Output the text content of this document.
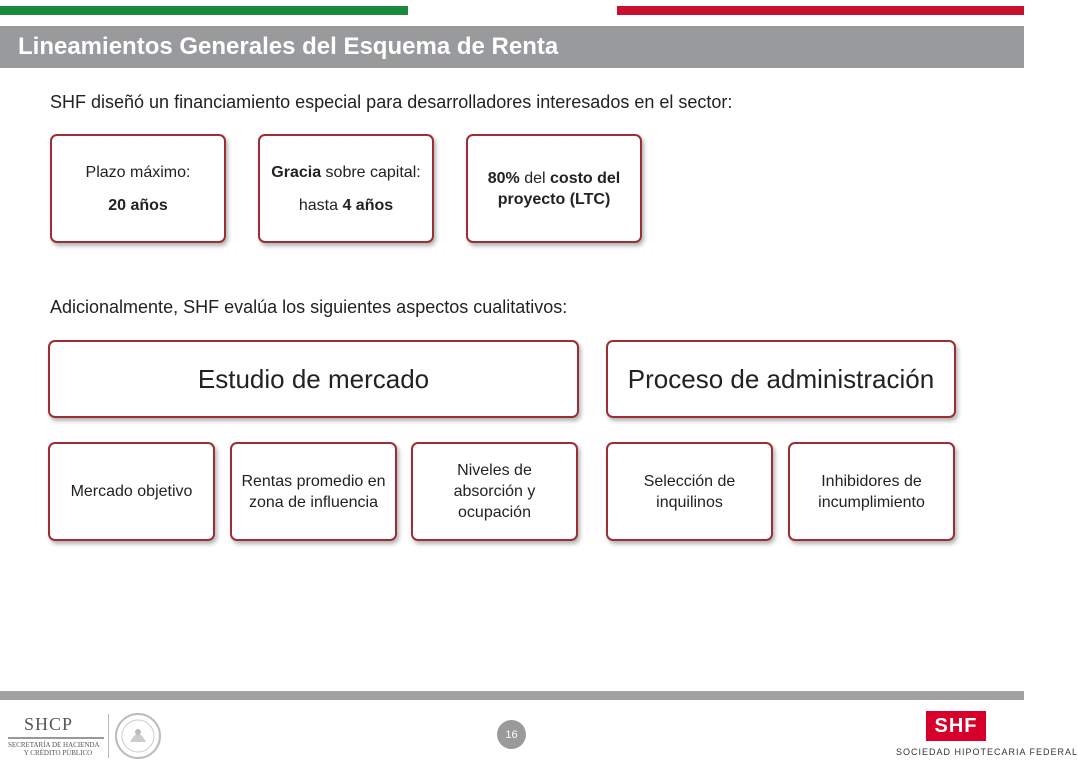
Lineamientos Generales del Esquema de Renta
SHF diseñó un financiamiento especial para desarrolladores interesados en el sector:
Plazo máximo:
20 años
Gracia sobre capital:
hasta 4 años
80% del costo del proyecto (LTC)
Adicionalmente, SHF evalúa los siguientes aspectos cualitativos:
Estudio de mercado	Proceso de administración
Mercado objetivo
Rentas promedio en zona de influencia
Niveles de absorción y ocupación
Selección de inquilinos
Inhibidores de incumplimiento
SHCP
SECRETARÍA DE HACIENDA
Y CRÉDITO PÚBLICO
16	SHF
SOCIEDAD HIPOTECARIA FEDERAL
